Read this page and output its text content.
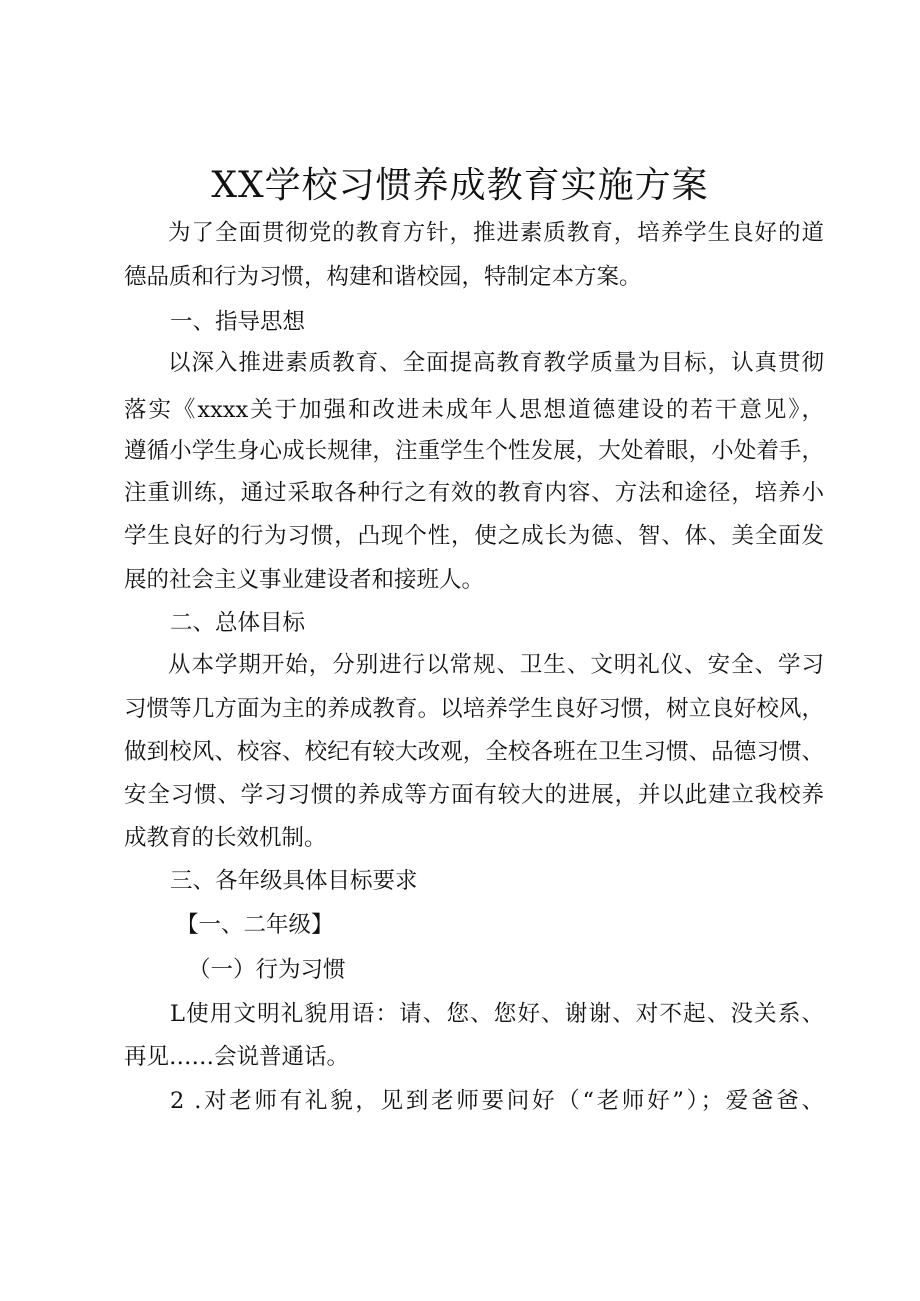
XX学校习惯养成教育实施方案
为了全面贯彻党的教育方针，推进素质教育，培养学生良好的道
德品质和行为习惯，构建和谐校园，特制定本方案。
一、指导思想
以深入推进素质教育、全面提高教育教学质量为目标，认真贯彻
落实《xxxx关于加强和改进未成年人思想道德建设的若干意见》，
遵循小学生身心成长规律，注重学生个性发展，大处着眼，小处着手，
注重训练，通过采取各种行之有效的教育内容、方法和途径，培养小
学生良好的行为习惯，凸现个性，使之成长为德、智、体、美全面发
展的社会主义事业建设者和接班人。
二、总体目标
从本学期开始，分别进行以常规、卫生、文明礼仪、安全、学习
习惯等几方面为主的养成教育。以培养学生良好习惯，树立良好校风，
做到校风、校容、校纪有较大改观，全校各班在卫生习惯、品德习惯、
安全习惯、学习习惯的养成等方面有较大的进展，并以此建立我校养
成教育的长效机制。
三、各年级具体目标要求
【一、二年级】
（一）行为习惯
L使用文明礼貌用语：请、您、您好、谢谢、对不起、没关系、
再见……会说普通话。
2 .对老师有礼貌，见到老师要问好（“老师好”）；爱爸爸、
